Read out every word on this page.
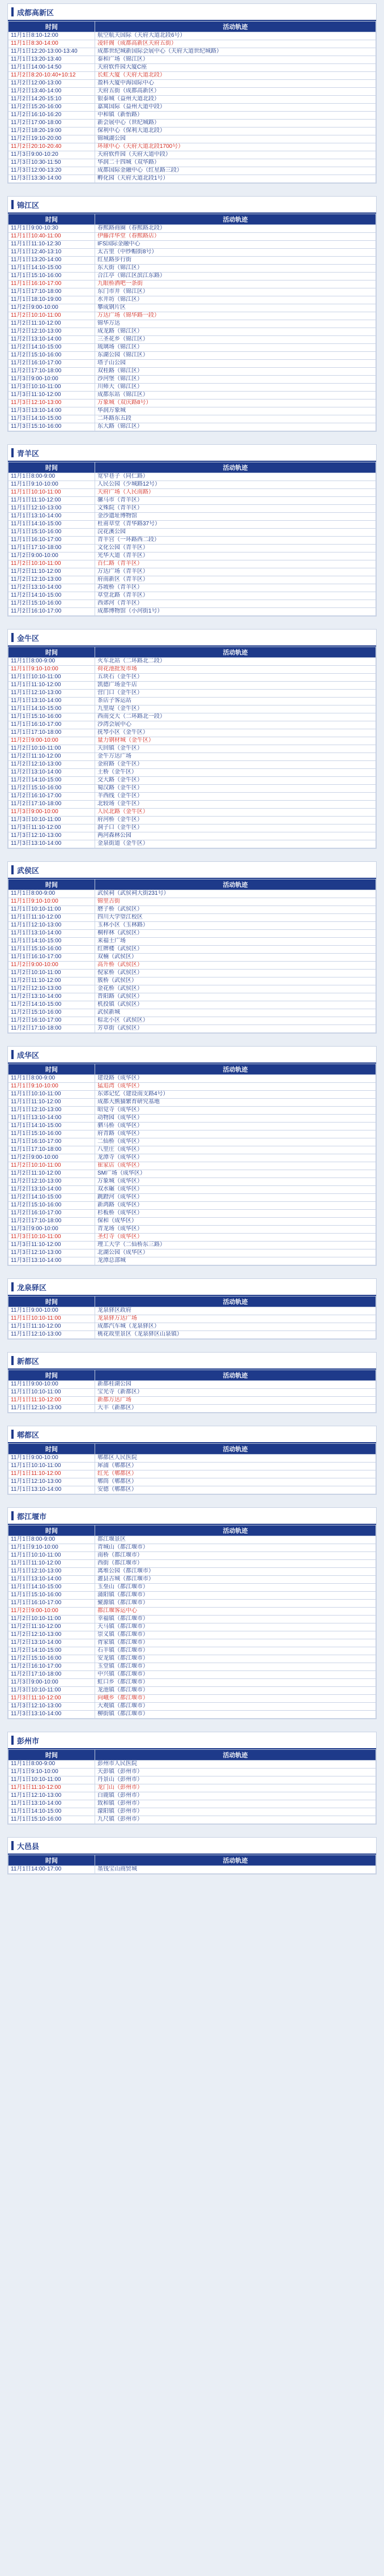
成都高新区
时间	活动轨迹
11月1日8:10-12:00	航空航天国际（天府大道北段6号）
11月1日8:30-14:00	凌轩阁（成都高新区天府五街）
11月1日12:20-13:00-13:40	成都世纪城新国际会展中心（天府大道世纪城路）
11月1日13:20-13:40	泰和广场（锦江区）
11月1日14:00-14:50	天府软件园大厦C座
11月2日8:20-10:40+10:12	长虹大厦（天府大道北段）
11月2日12:00-13:00	盈科大厦中海国际中心
11月2日13:40-14:00	天府五街（成都高新区）
11月2日14:20-15:10	银泰城（益州大道北段）
11月2日15:20-16:00	嘉寓国际（益州大道中段）
11月2日16:10-16:20	中和镇（新怡路）
11月2日17:00-18:00	新会展中心（世纪城路）
11月2日18:20-19:00	保利中心（保利大道北段）
11月2日19:10-20:00	锦城湖公园
11月2日20:10-20:40	环球中心（天府大道北段1700号）
11月3日9:00-10:20	天府软件园（天府大道中段）
11月3日10:30-11:50	华润二十四城（双华路）
11月3日12:00-13:20	成都国际金融中心（红星路三段）
11月3日13:30-14:00	孵化园（天府大道北段1号）
锦江区
时间	活动轨迹
11月1日9:00-10:30	春熙路商圈（春熙路北段）
11月1日10:40-11:00	伊藤洋华堂（春熙路店）
11月1日11:10-12:30	IFS国际金融中心
11月1日12:40-13:10	太古里（中纱帽街8号）
11月1日13:20-14:00	红星路步行街
11月1日14:10-15:00	东大街（锦江区）
11月1日15:10-16:00	合江亭（锦江区滨江东路）
11月1日16:10-17:00	九眼桥酒吧一条街
11月1日17:10-18:00	东门市井（锦江区）
11月1日18:10-19:00	水井坊（锦江区）
11月2日9:00-10:00	攀成钢片区
11月2日10:10-11:00	万达广场（锦华路一段）
11月2日11:10-12:00	锦华万达
11月2日12:10-13:00	成龙路（锦江区）
11月2日13:10-14:00	三圣花乡（锦江区）
11月2日14:10-15:00	琉璃场（锦江区）
11月2日15:10-16:00	东湖公园（锦江区）
11月2日16:10-17:00	塔子山公园
11月2日17:10-18:00	双桂路（锦江区）
11月3日9:00-10:00	沙河堡（锦江区）
11月3日10:10-11:00	川师大（锦江区）
11月3日11:10-12:00	成都东站（锦江区）
11月3日12:10-13:00	万象城（双庆路8号）
11月3日13:10-14:00	华润万象城
11月3日14:10-15:00	二环路东五段
11月3日15:10-16:00	东大路（锦江区）
青羊区
时间	活动轨迹
11月1日8:00-9:00	宽窄巷子（同仁路）
11月1日9:10-10:00	人民公园（少城路12号）
11月1日10:10-11:00	天府广场（人民南路）
11月1日11:10-12:00	骡马市（青羊区）
11月1日12:10-13:00	文殊院（青羊区）
11月1日13:10-14:00	金沙遗址博物馆
11月1日14:10-15:00	杜甫草堂（青华路37号）
11月1日15:10-16:00	浣花溪公园
11月1日16:10-17:00	青羊宫（一环路西二段）
11月1日17:10-18:00	文化公园（青羊区）
11月2日9:00-10:00	光华大道（青羊区）
11月2日10:10-11:00	百仁路（青羊区）
11月2日11:10-12:00	万达广场（青羊区）
11月2日12:10-13:00	府南新区（青羊区）
11月2日13:10-14:00	苏坡桥（青羊区）
11月2日14:10-15:00	草堂北路（青羊区）
11月2日15:10-16:00	西郊河（青羊区）
11月2日16:10-17:00	成都博物馆（小河街1号）
金牛区
时间	活动轨迹
11月1日8:00-9:00	火车北站（二环路北二段）
11月1日9:10-10:00	荷花池批发市场
11月1日10:10-11:00	五块石（金牛区）
11月1日11:10-12:00	凯德广场金牛店
11月1日12:10-13:00	营门口（金牛区）
11月1日13:10-14:00	茶店子客运站
11月1日14:10-15:00	九里堤（金牛区）
11月1日15:10-16:00	西南交大（二环路北一段）
11月1日16:10-17:00	沙湾会展中心
11月1日17:10-18:00	抚琴小区（金牛区）
11月2日9:00-10:00	量力钢材城（金牛区）
11月2日10:10-11:00	天回镇（金牛区）
11月2日11:10-12:00	金牛万达广场
11月2日12:10-13:00	金府路（金牛区）
11月2日13:10-14:00	土桥（金牛区）
11月2日14:10-15:00	交大路（金牛区）
11月2日15:10-16:00	蜀汉路（金牛区）
11月2日16:10-17:00	羊西线（金牛区）
11月2日17:10-18:00	北较场（金牛区）
11月3日9:00-10:00	人民北路（金牛区）
11月3日10:10-11:00	府河桥（金牛区）
11月3日11:10-12:00	洞子口（金牛区）
11月3日12:10-13:00	两河森林公园
11月3日13:10-14:00	金泉街道（金牛区）
武侯区
时间	活动轨迹
11月1日8:00-9:00	武侯祠（武侯祠大街231号）
11月1日9:10-10:00	锦里古街
11月1日10:10-11:00	磨子桥（武侯区）
11月1日11:10-12:00	四川大学望江校区
11月1日12:10-13:00	玉林小区（玉林路）
11月1日13:10-14:00	桐梓林（武侯区）
11月1日14:10-15:00	来福士广场
11月1日15:10-16:00	红牌楼（武侯区）
11月1日16:10-17:00	双楠（武侯区）
11月2日9:00-10:00	高升桥（武侯区）
11月2日10:10-11:00	倪家桥（武侯区）
11月2日11:10-12:00	簇桥（武侯区）
11月2日12:10-13:00	金花桥（武侯区）
11月2日13:10-14:00	晋阳路（武侯区）
11月2日14:10-15:00	机投镇（武侯区）
11月2日15:10-16:00	武侯新城
11月2日16:10-17:00	棕北小区（武侯区）
11月2日17:10-18:00	芳草街（武侯区）
成华区
时间	活动轨迹
11月1日8:00-9:00	建设路（成华区）
11月1日9:10-10:00	猛追湾（成华区）
11月1日10:10-11:00	东郊记忆（建设南支路4号）
11月1日11:10-12:00	成都大熊猫繁育研究基地
11月1日12:10-13:00	昭觉寺（成华区）
11月1日13:10-14:00	动物园（成华区）
11月1日14:10-15:00	驷马桥（成华区）
11月1日15:10-16:00	府青路（成华区）
11月1日16:10-17:00	二仙桥（成华区）
11月1日17:10-18:00	八里庄（成华区）
11月2日9:00-10:00	龙潭寺（成华区）
11月2日10:10-11:00	崔家店（成华区）
11月2日11:10-12:00	SM广场（成华区）
11月2日12:10-13:00	万象城（成华区）
11月2日13:10-14:00	双水碾（成华区）
11月2日14:10-15:00	跳蹬河（成华区）
11月2日15:10-16:00	新鸿路（成华区）
11月2日16:10-17:00	杉板桥（成华区）
11月2日17:10-18:00	保和（成华区）
11月3日9:00-10:00	青龙场（成华区）
11月3日10:10-11:00	圣灯寺（成华区）
11月3日11:10-12:00	理工大学（二仙桥东三路）
11月3日12:10-13:00	北湖公园（成华区）
11月3日13:10-14:00	龙潭总部城
龙泉驿区
时间	活动轨迹
11月1日9:00-10:00	龙泉驿区政府
11月1日10:10-11:00	龙泉驿万达广场
11月1日11:10-12:00	成都汽车城（龙泉驿区）
11月1日12:10-13:00	桃花故里景区（龙泉驿区山泉镇）
新都区
时间	活动轨迹
11月1日9:00-10:00	新都桂湖公园
11月1日10:10-11:00	宝光寺（新都区）
11月1日11:10-12:00	新都万达广场
11月1日12:10-13:00	大丰（新都区）
郫都区
时间	活动轨迹
11月1日9:00-10:00	郫都区人民医院
11月1日10:10-11:00	犀浦（郫都区）
11月1日11:10-12:00	红光（郫都区）
11月1日12:10-13:00	郫筒（郫都区）
11月1日13:10-14:00	安德（郫都区）
都江堰市
时间	活动轨迹
11月1日8:00-9:00	都江堰景区
11月1日9:10-10:00	青城山（都江堰市）
11月1日10:10-11:00	南桥（都江堰市）
11月1日11:10-12:00	西街（都江堰市）
11月1日12:10-13:00	离堆公园（都江堰市）
11月1日13:10-14:00	灌县古城（都江堰市）
11月1日14:10-15:00	玉垒山（都江堰市）
11月1日15:10-16:00	蒲阳镇（都江堰市）
11月1日16:10-17:00	聚源镇（都江堰市）
11月2日9:00-10:00	都江堰客运中心
11月2日10:10-11:00	幸福镇（都江堰市）
11月2日11:10-12:00	天马镇（都江堰市）
11月2日12:10-13:00	崇义镇（都江堰市）
11月2日13:10-14:00	胥家镇（都江堰市）
11月2日14:10-15:00	石羊镇（都江堰市）
11月2日15:10-16:00	安龙镇（都江堰市）
11月2日16:10-17:00	玉堂镇（都江堰市）
11月2日17:10-18:00	中兴镇（都江堰市）
11月3日9:00-10:00	虹口乡（都江堰市）
11月3日10:10-11:00	龙池镇（都江堰市）
11月3日11:10-12:00	向峨乡（都江堰市）
11月3日12:10-13:00	大观镇（都江堰市）
11月3日13:10-14:00	柳街镇（都江堰市）
彭州市
时间	活动轨迹
11月1日8:00-9:00	彭州市人民医院
11月1日9:10-10:00	天彭镇（彭州市）
11月1日10:10-11:00	丹景山（彭州市）
11月1日11:10-12:00	龙门山（彭州市）
11月1日12:10-13:00	白鹿镇（彭州市）
11月1日13:10-14:00	致和镇（彭州市）
11月1日14:10-15:00	濛阳镇（彭州市）
11月1日15:10-16:00	九尺镇（彭州市）
大邑县
时间	活动轨迹
11月1日14:00-17:00	墨钱宝山商贸城
